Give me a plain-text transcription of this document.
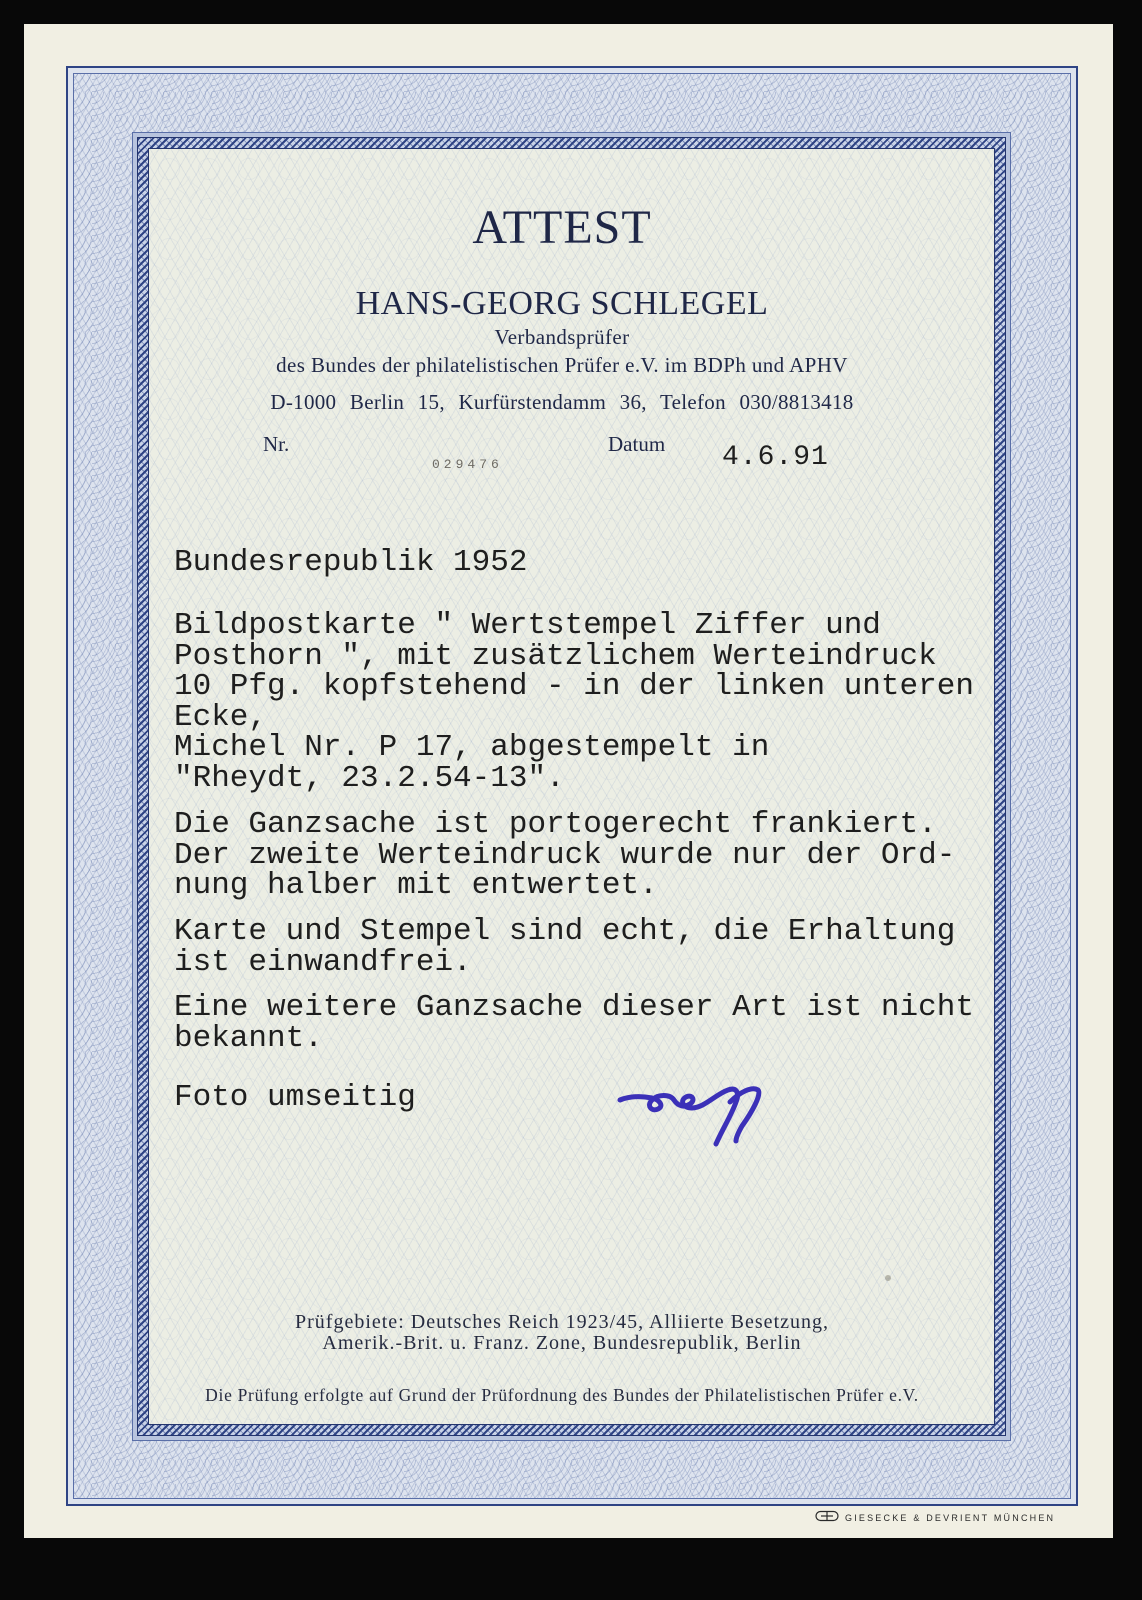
ATTEST
HANS-GEORG SCHLEGEL
Verbandsprüfer
des Bundes der philatelistischen Prüfer e.V. im BDPh und APHV
D-1000 Berlin 15, Kurfürstendamm 36, Telefon 030/8813418
Nr.
029476
Datum 4.6.91
Bundesrepublik 1952
Bildpostkarte " Wertstempel Ziffer und
Posthorn ", mit zusätzlichem Werteindruck
10 Pfg. kopfstehend - in der linken unteren
Ecke,
Michel Nr. P 17, abgestempelt in
"Rheydt, 23.2.54-13".
Die Ganzsache ist portogerecht frankiert.
Der zweite Werteindruck wurde nur der Ord-
nung halber mit entwertet.
Karte und Stempel sind echt, die Erhaltung
ist einwandfrei.
Eine weitere Ganzsache dieser Art ist nicht
bekannt.
Foto umseitig
Prüfgebiete: Deutsches Reich 1923/45, Alliierte Besetzung,
Amerik.-Brit. u. Franz. Zone, Bundesrepublik, Berlin
Die Prüfung erfolgte auf Grund der Prüfordnung des Bundes der Philatelistischen Prüfer e.V.
GIESECKE & DEVRIENT MÜNCHEN
